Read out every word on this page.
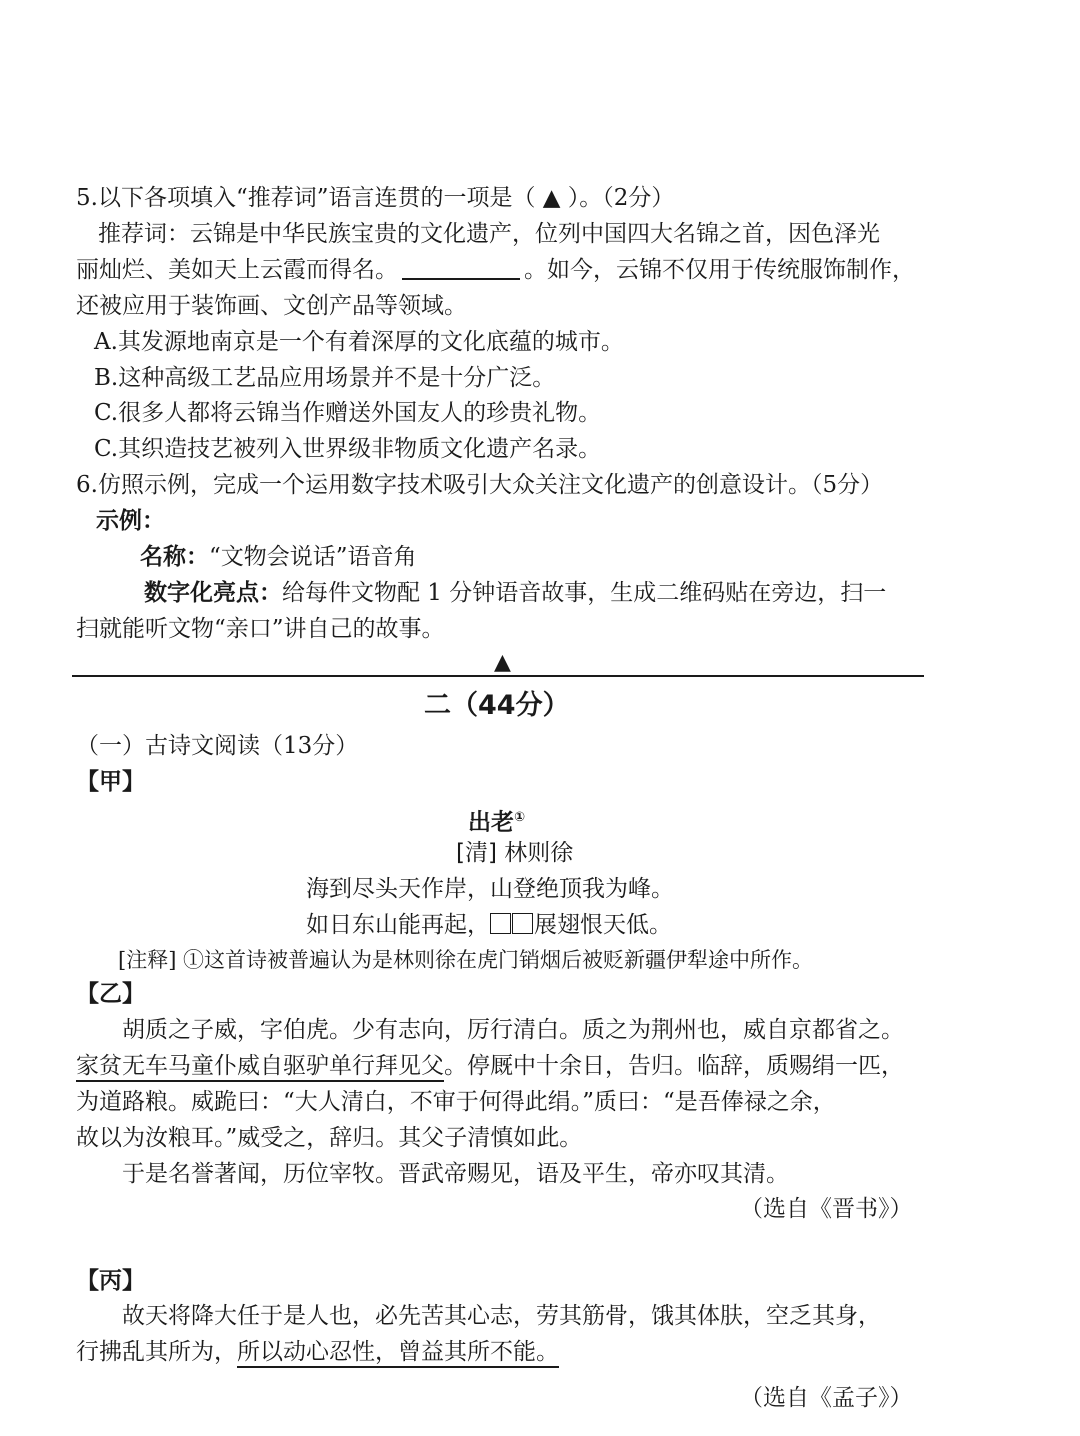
5.以下各项填入“推荐词”语言连贯的一项是（ ▲ ）。（2分）
推荐词：云锦是中华民族宝贵的文化遗产，位列中国四大名锦之首，因色泽光
丽灿烂、美如天上云霞而得名。	。如今，云锦不仅用于传统服饰制作，
还被应用于装饰画、文创产品等领域。
A.其发源地南京是一个有着深厚的文化底蕴的城市。
B.这种高级工艺品应用场景并不是十分广泛。
C.很多人都将云锦当作赠送外国友人的珍贵礼物。
C.其织造技艺被列入世界级非物质文化遗产名录。
6.仿照示例，完成一个运用数字技术吸引大众关注文化遗产的创意设计。（5分）
示例：
名称：“文物会说话”语音角
数字化亮点：给每件文物配 1 分钟语音故事，生成二维码贴在旁边，扫一
扫就能听文物“亲口”讲自己的故事。
▲
二（44分）
（一）古诗文阅读（13分）
【甲】
出老①
[清] 林则徐
海到尽头天作岸，山登绝顶我为峰。
如日东山能再起， 展翅恨天低。
[注释] ①这首诗被普遍认为是林则徐在虎门销烟后被贬新疆伊犁途中所作。
【乙】
胡质之子威，字伯虎。少有志向，厉行清白。质之为荆州也，威自京都省之。
家贫无车马童仆威自驱驴单行拜见父。停厩中十余日，告归。临辞，质赐绢一匹，
为道路粮。威跪曰：“大人清白，不审于何得此绢。”质曰：“是吾俸禄之余，
故以为汝粮耳。”威受之，辞归。其父子清慎如此。
于是名誉著闻，历位宰牧。晋武帝赐见，语及平生，帝亦叹其清。
（选自《晋书》）
【丙】
故天将降大任于是人也，必先苦其心志，劳其筋骨，饿其体肤，空乏其身，
行拂乱其所为，所以动心忍性，曾益其所不能。
（选自《孟子》）
